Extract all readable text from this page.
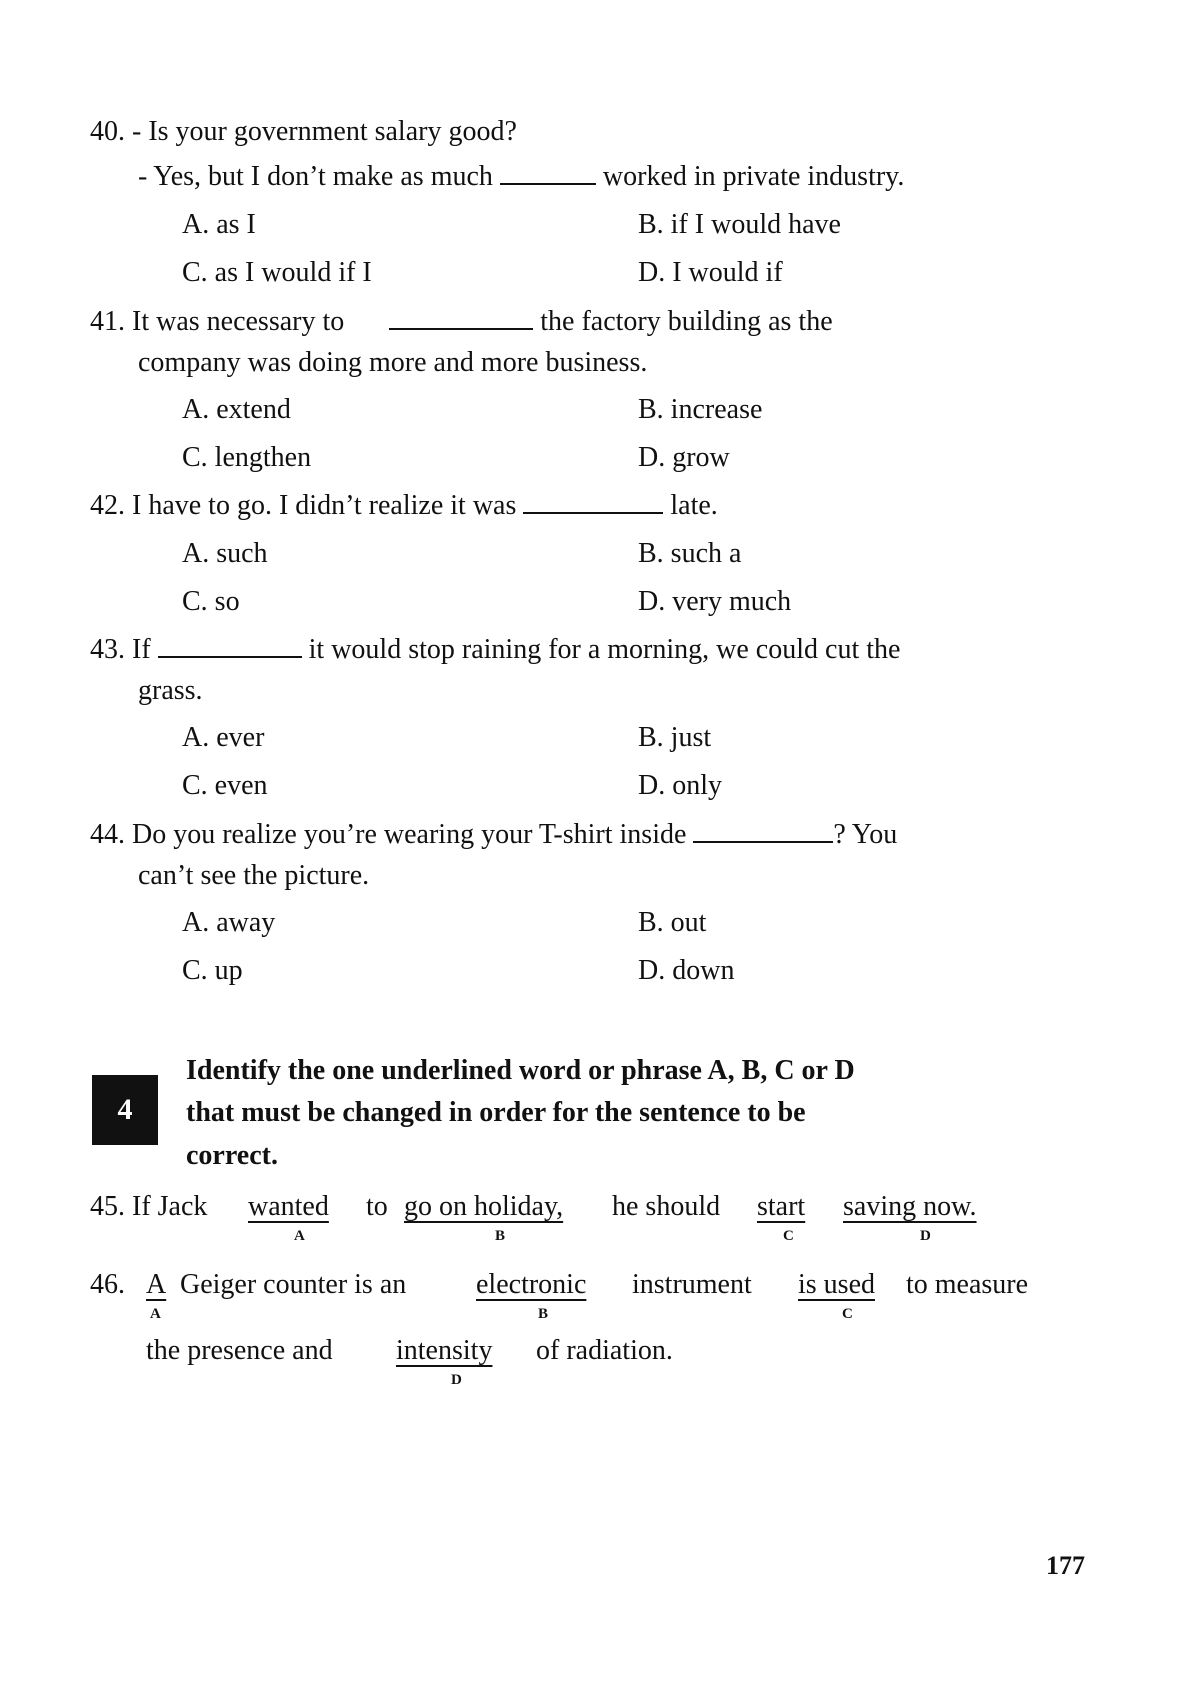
40. - Is your government salary good?
- Yes, but I don’t make as much	worked in private industry.
A. as I	B. if I would have
C. as I would if I	D. I would if
41. It was necessary to	the factory building as the
company was doing more and more business.
A. extend	B. increase
C. lengthen	D. grow
42. I have to go. I didn’t realize it was	late.
A. such	B. such a
C. so	D. very much
43. If	it would stop raining for a morning, we could cut the
grass.
A. ever	B. just
C. even	D. only
44. Do you realize you’re wearing your T-shirt inside	? You
can’t see the picture.
A. away	B. out
C. up	D. down
4
Identify the one underlined word or phrase A, B, C or D
that must be changed in order for the sentence to be
correct.
45. If Jack wanted
A
to go on holiday,
B
he should start
C
saving now.
D
46. A
A
Geiger counter is an electronic
B
instrument is used
C
to measure
the presence and intensity
D
of radiation.
177
